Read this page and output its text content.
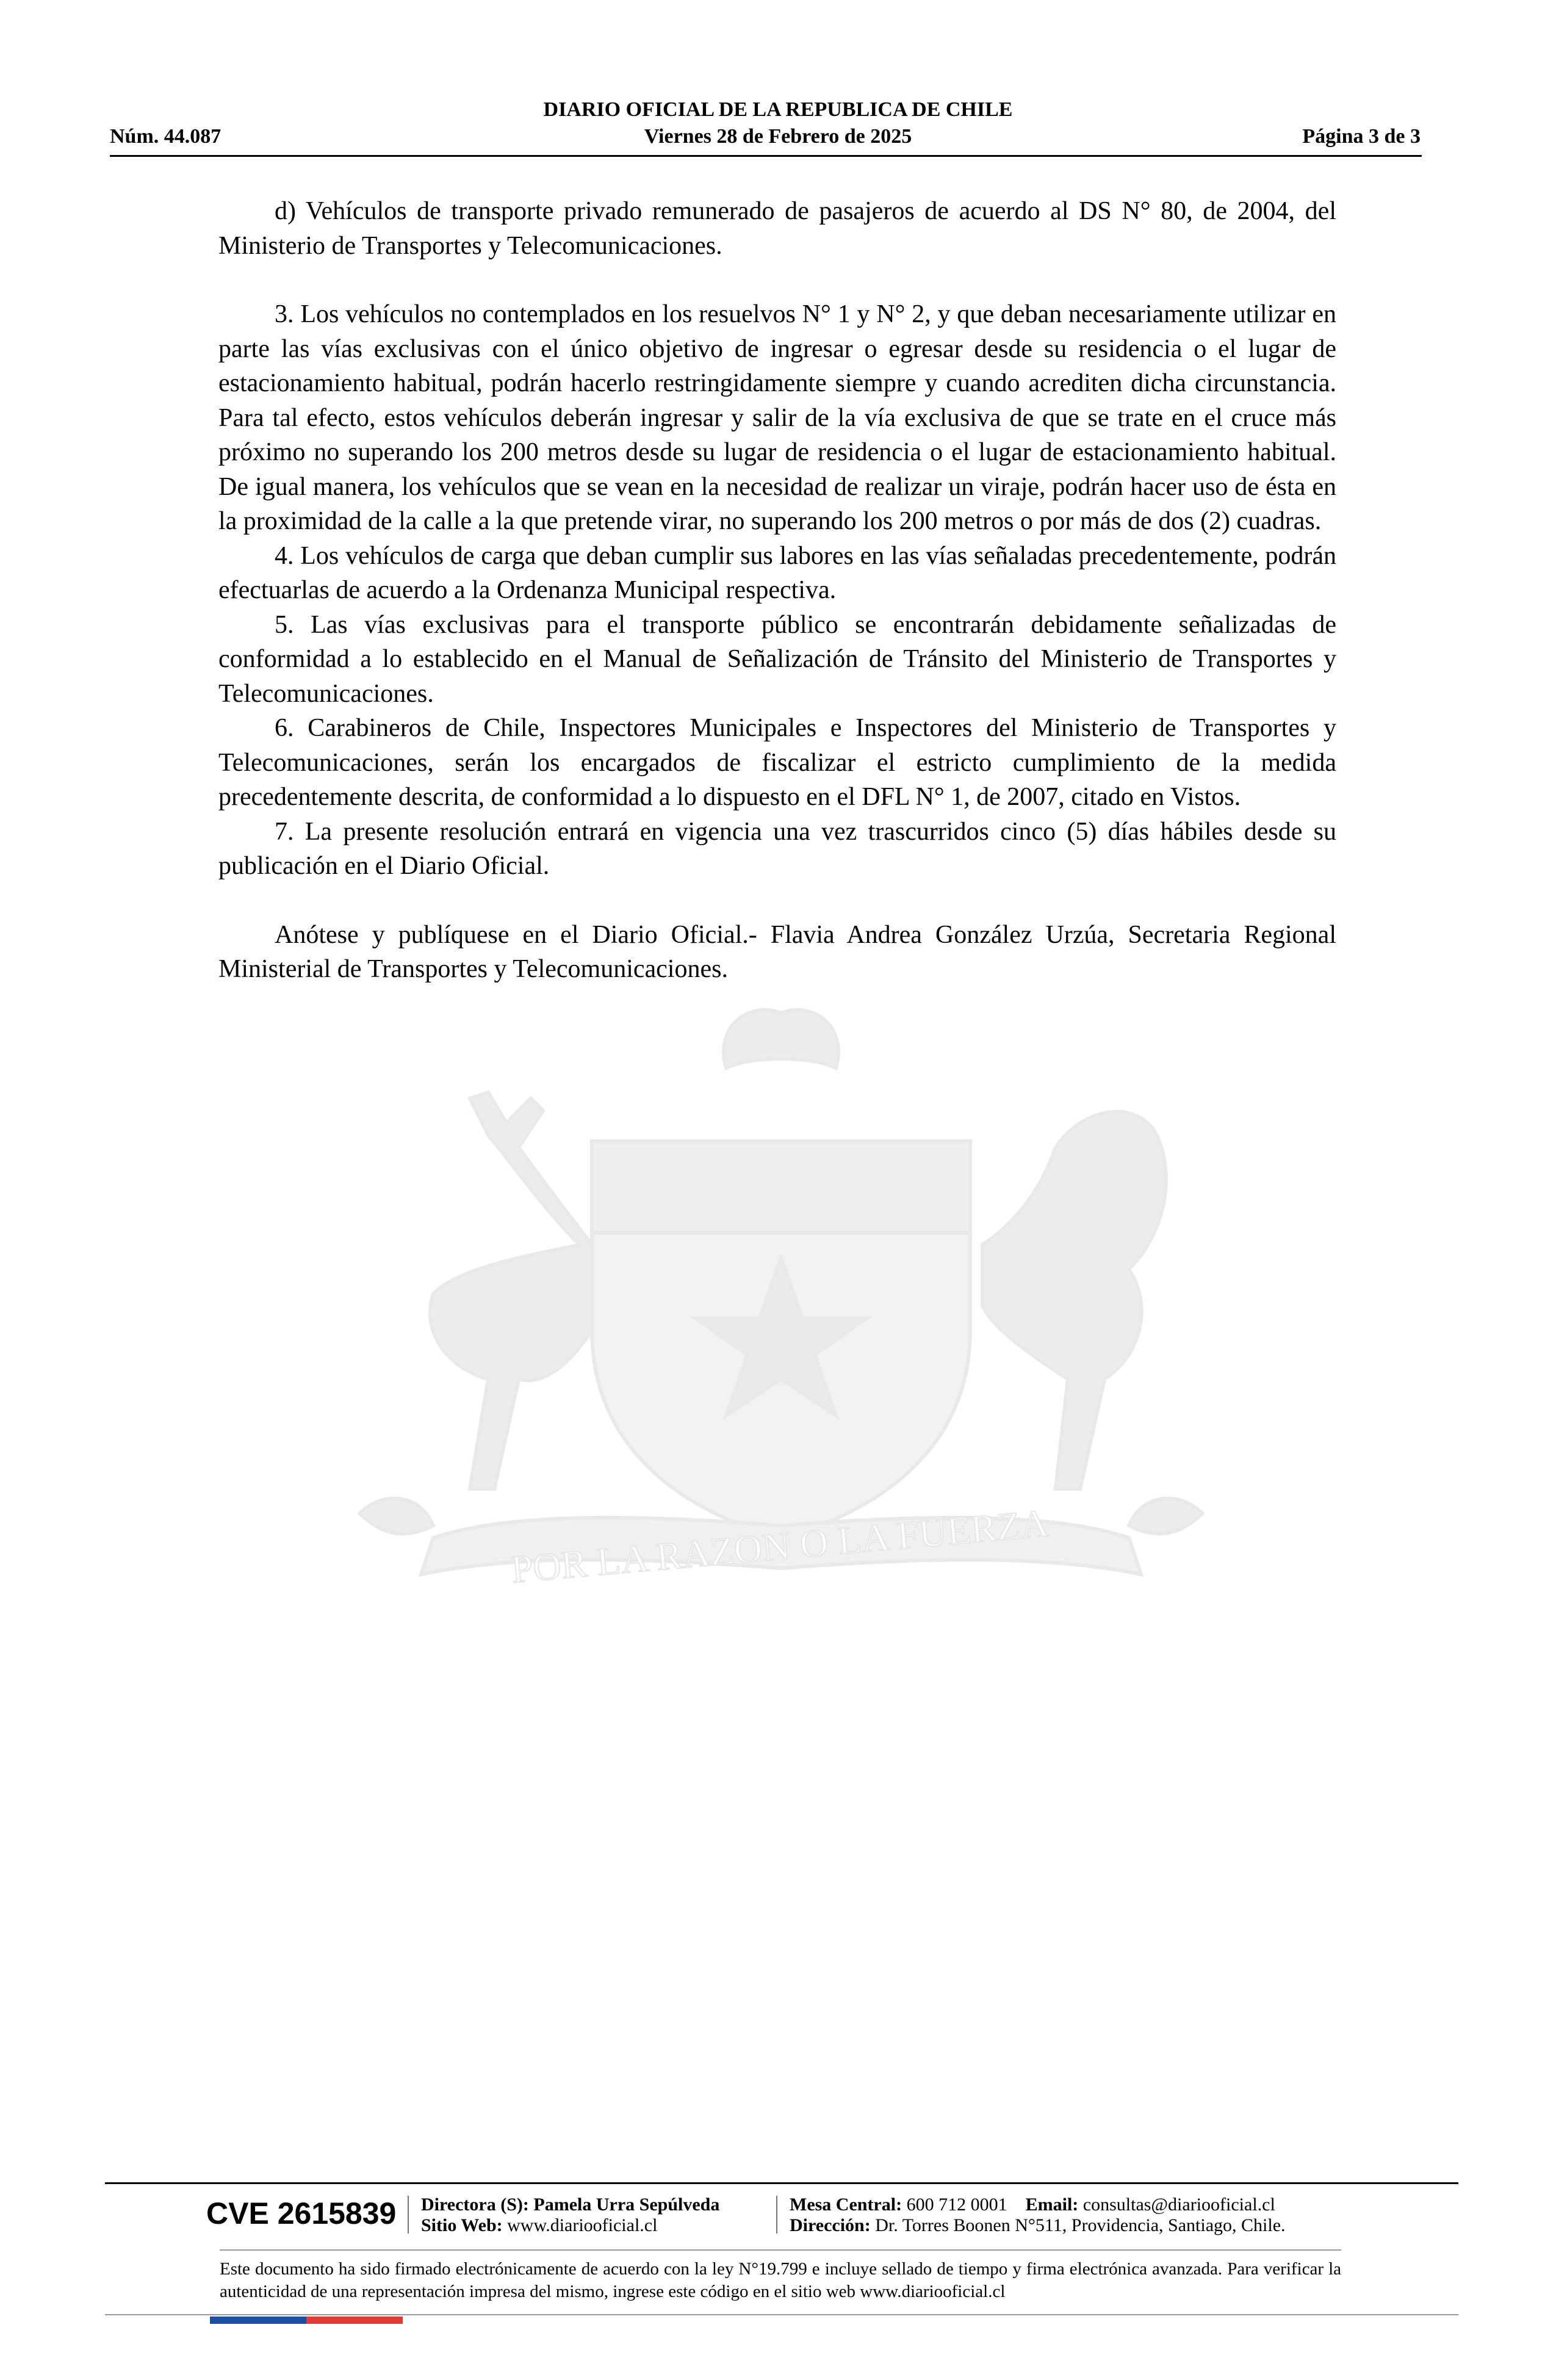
DIARIO OFICIAL DE LA REPUBLICA DE CHILE
Viernes 28 de Febrero de 2025
Núm. 44.087	Página 3 de 3
POR LA RAZON O LA FUERZA

d) Vehículos de transporte privado remunerado de pasajeros de acuerdo al DS N° 80, de 2004, del Ministerio de Transportes y Telecomunicaciones.

3. Los vehículos no contemplados en los resuelvos N° 1 y N° 2, y que deban necesariamente utilizar en parte las vías exclusivas con el único objetivo de ingresar o egresar desde su residencia o el lugar de estacionamiento habitual, podrán hacerlo restringidamente siempre y cuando acrediten dicha circunstancia. Para tal efecto, estos vehículos deberán ingresar y salir de la vía exclusiva de que se trate en el cruce más próximo no superando los 200 metros desde su lugar de residencia o el lugar de estacionamiento habitual. De igual manera, los vehículos que se vean en la necesidad de realizar un viraje, podrán hacer uso de ésta en la proximidad de la calle a la que pretende virar, no superando los 200 metros o por más de dos (2) cuadras.

4. Los vehículos de carga que deban cumplir sus labores en las vías señaladas precedentemente, podrán efectuarlas de acuerdo a la Ordenanza Municipal respectiva.

5. Las vías exclusivas para el transporte público se encontrarán debidamente señalizadas de conformidad a lo establecido en el Manual de Señalización de Tránsito del Ministerio de Transportes y Telecomunicaciones.

6. Carabineros de Chile, Inspectores Municipales e Inspectores del Ministerio de Transportes y Telecomunicaciones, serán los encargados de fiscalizar el estricto cumplimiento de la medida precedentemente descrita, de conformidad a lo dispuesto en el DFL N° 1, de 2007, citado en Vistos.

7. La presente resolución entrará en vigencia una vez trascurridos cinco (5) días hábiles desde su publicación en el Diario Oficial.

Anótese y publíquese en el Diario Oficial.- Flavia Andrea González Urzúa, Secretaria Regional Ministerial de Transportes y Telecomunicaciones.

CVE 2615839 Directora (S): Pamela Urra Sepúlveda
Sitio Web: www.diariooficial.cl
Mesa Central: 600 712 0001 Email: consultas@diariooficial.cl
Dirección: Dr. Torres Boonen N°511, Providencia, Santiago, Chile.
Este documento ha sido firmado electrónicamente de acuerdo con la ley N°19.799 e incluye sellado de tiempo y firma electrónica avanzada. Para verificar la autenticidad de una representación impresa del mismo, ingrese este código en el sitio web www.diariooficial.cl
